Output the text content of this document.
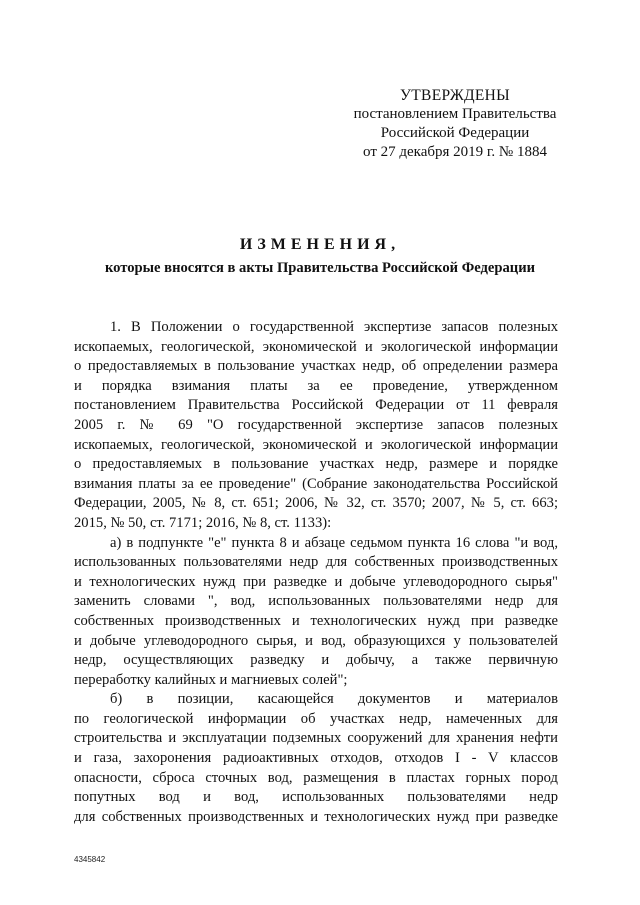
УТВЕРЖДЕНЫ
постановлением Правительства
Российской Федерации
от 27 декабря 2019 г. № 1884
ИЗМЕНЕНИЯ,
которые вносятся в акты Правительства Российской Федерации
1. В Положении о государственной экспертизе запасов полезных
ископаемых, геологической, экономической и экологической информации
о предоставляемых в пользование участках недр, об определении размера
и порядка взимания платы за ее проведение, утвержденном
постановлением Правительства Российской Федерации от 11 февраля
2005 г. № 69 "О государственной экспертизе запасов полезных
ископаемых, геологической, экономической и экологической информации
о предоставляемых в пользование участках недр, размере и порядке
взимания платы за ее проведение" (Собрание законодательства Российской
Федерации, 2005, № 8, ст. 651; 2006, № 32, ст. 3570; 2007, № 5, ст. 663;
2015, № 50, ст. 7171; 2016, № 8, ст. 1133):
а) в подпункте "е" пункта 8 и абзаце седьмом пункта 16 слова "и вод,
использованных пользователями недр для собственных производственных
и технологических нужд при разведке и добыче углеводородного сырья"
заменить словами ", вод, использованных пользователями недр для
собственных производственных и технологических нужд при разведке
и добыче углеводородного сырья, и вод, образующихся у пользователей
недр, осуществляющих разведку и добычу, а также первичную
переработку калийных и магниевых солей";
б) в позиции, касающейся документов и материалов
по геологической информации об участках недр, намеченных для
строительства и эксплуатации подземных сооружений для хранения нефти
и газа, захоронения радиоактивных отходов, отходов I - V классов
опасности, сброса сточных вод, размещения в пластах горных пород
попутных вод и вод, использованных пользователями недр
для собственных производственных и технологических нужд при разведке
4345842
